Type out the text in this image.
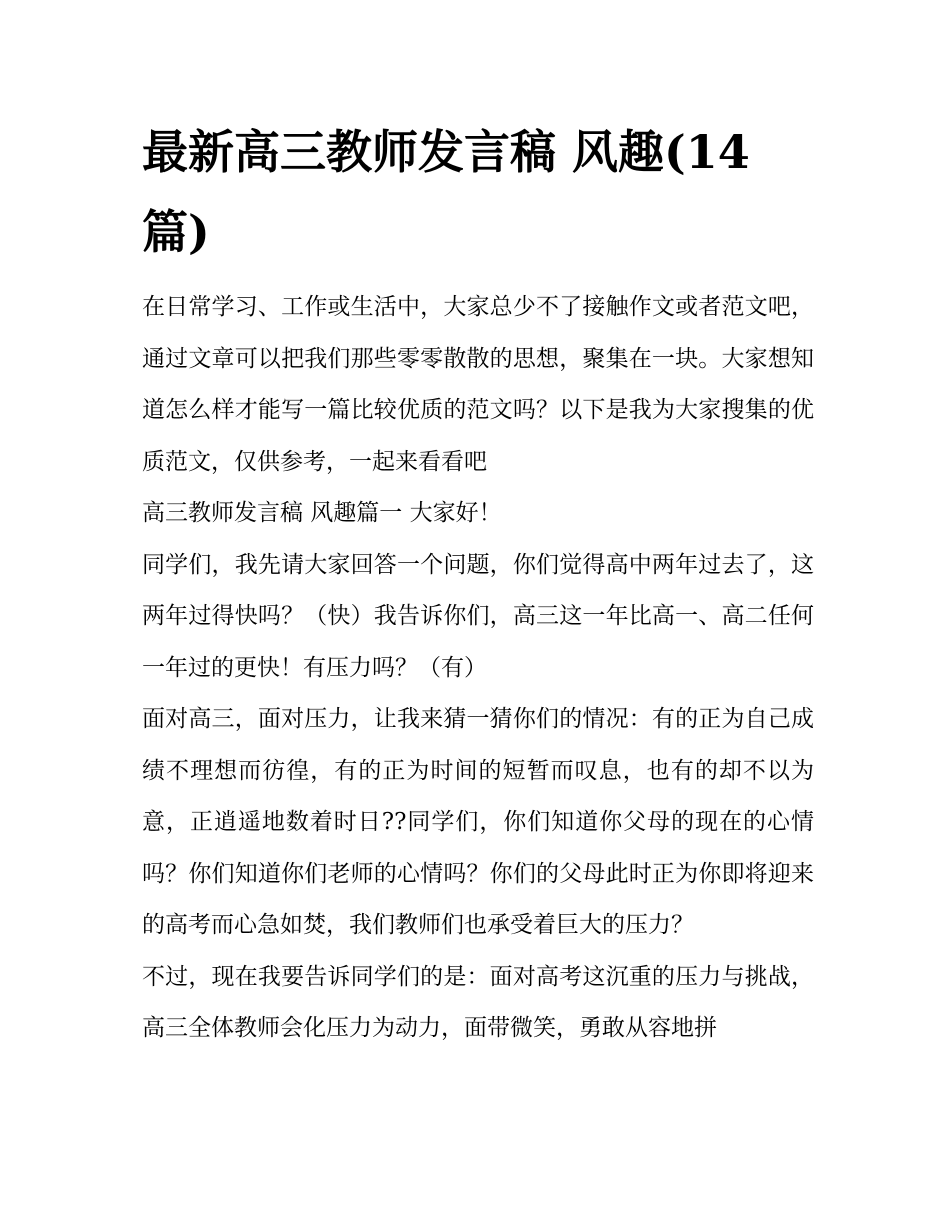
最新高三教师发言稿 风趣(14篇)

在日常学习、工作或生活中，大家总少不了接触作文或者范文吧，通过文章可以把我们那些零零散散的思想，聚集在一块。大家想知道怎么样才能写一篇比较优质的范文吗？以下是我为大家搜集的优质范文，仅供参考，一起来看看吧

高三教师发言稿 风趣篇一 大家好！

同学们，我先请大家回答一个问题，你们觉得高中两年过去了，这两年过得快吗？（快）我告诉你们，高三这一年比高一、高二任何一年过的更快！有压力吗？（有）

面对高三，面对压力，让我来猜一猜你们的情况：有的正为自己成绩不理想而彷徨，有的正为时间的短暂而叹息，也有的却不以为意，正逍遥地数着时日??同学们，你们知道你父母的现在的心情吗？你们知道你们老师的心情吗？你们的父母此时正为你即将迎来的高考而心急如焚，我们教师们也承受着巨大的压力？

不过，现在我要告诉同学们的是：面对高考这沉重的压力与挑战，高三全体教师会化压力为动力，面带微笑，勇敢从容地拼
